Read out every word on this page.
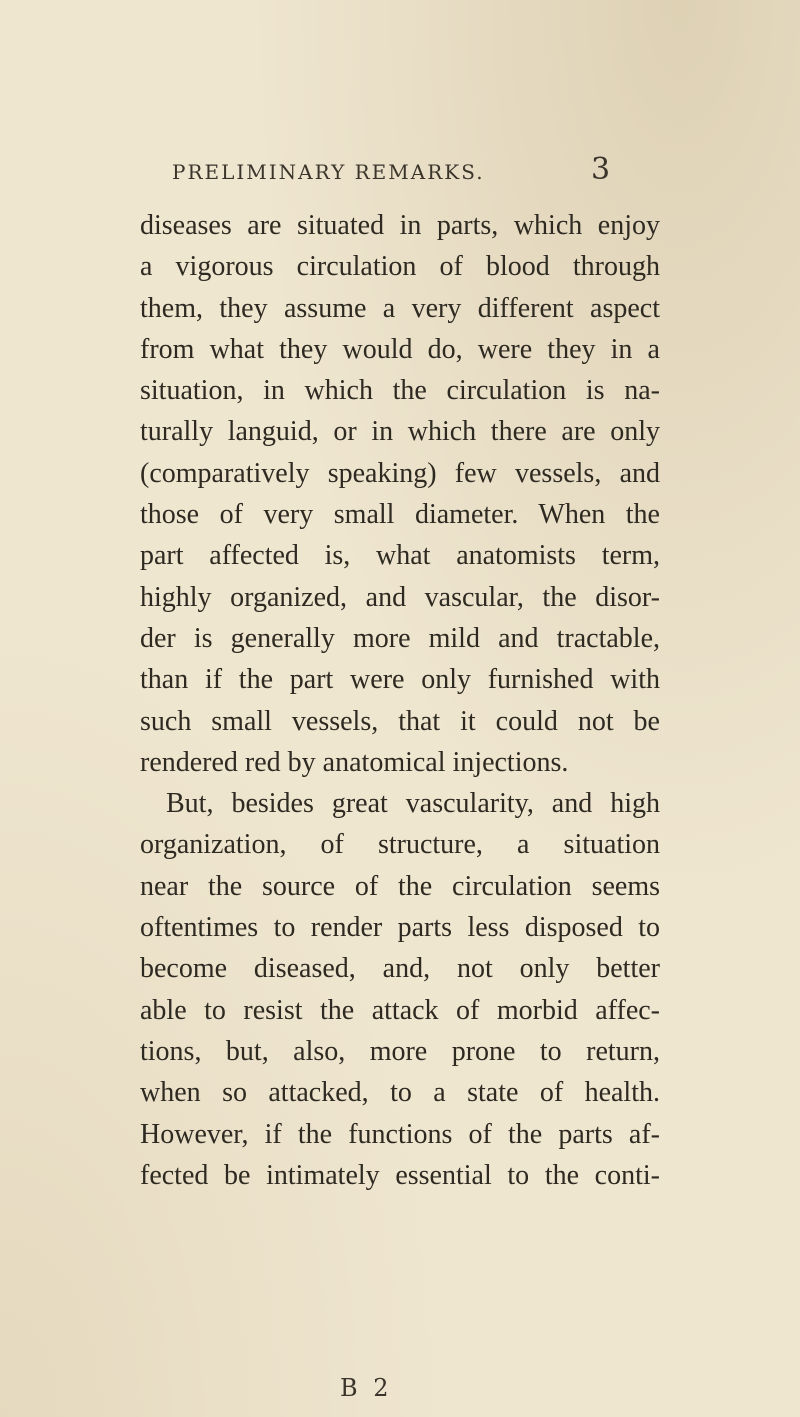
PRELIMINARY REMARKS.	3
diseases are situated in parts, which enjoy
a vigorous circulation of blood through
them, they assume a very different aspect
from what they would do, were they in a
situation, in which the circulation is na-
turally languid, or in which there are only
(comparatively speaking) few vessels, and
those of very small diameter. When the
part affected is, what anatomists term,
highly organized, and vascular, the disor-
der is generally more mild and tractable,
than if the part were only furnished with
such small vessels, that it could not be
rendered red by anatomical injections.
But, besides great vascularity, and high
organization, of structure, a situation
near the source of the circulation seems
oftentimes to render parts less disposed to
become diseased, and, not only better
able to resist the attack of morbid affec-
tions, but, also, more prone to return,
when so attacked, to a state of health.
However, if the functions of the parts af-
fected be intimately essential to the conti-
B 2
